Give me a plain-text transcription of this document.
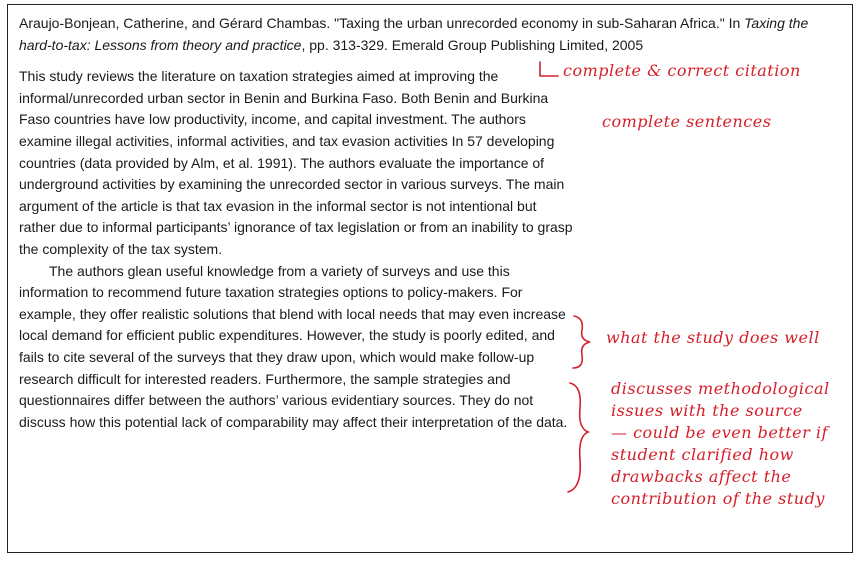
Araujo-Bonjean, Catherine, and Gérard Chambas. "Taxing the urban unrecorded economy in sub-Saharan Africa." In Taxing the hard-to-tax: Lessons from theory and practice, pp. 313-329. Emerald Group Publishing Limited, 2005

This study reviews the literature on taxation strategies aimed at improving the informal/unrecorded urban sector in Benin and Burkina Faso. Both Benin and Burkina Faso countries have low productivity, income, and capital investment. The authors examine illegal activities, informal activities, and tax evasion activities In 57 developing countries (data provided by Alm, et al. 1991). The authors evaluate the importance of underground activities by examining the unrecorded sector in various surveys. The main argument of the article is that tax evasion in the informal sector is not intentional but rather due to informal participants’ ignorance of tax legislation or from an inability to grasp the complexity of the tax system.

The authors glean useful knowledge from a variety of surveys and use this information to recommend future taxation strategies options to policy-makers. For example, they offer realistic solutions that blend with local needs that may even increase local demand for efficient public expenditures. However, the study is poorly edited, and fails to cite several of the surveys that they draw upon, which would make follow-up research difficult for interested readers. Furthermore, the sample strategies and questionnaires differ between the authors’ various evidentiary sources. They do not discuss how this potential lack of comparability may affect their interpretation of the data.

complete & correct citation
complete sentences
what the study does well
discusses methodological
issues with the source
— could be even better if
student clarified how
drawbacks affect the
contribution of the study
